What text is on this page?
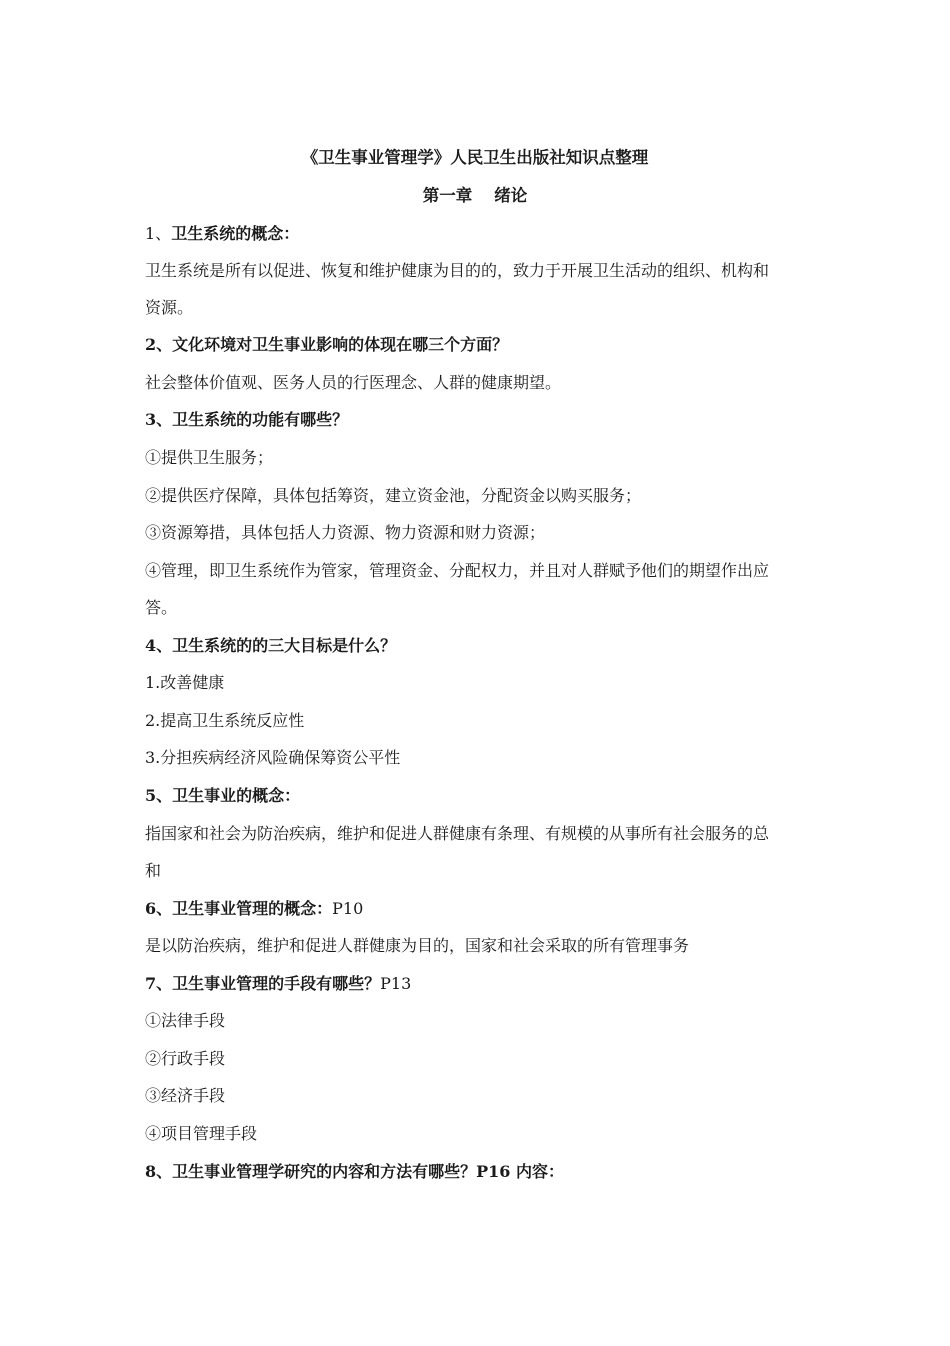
《卫生事业管理学》人民卫生出版社知识点整理
第一章 绪论
1、卫生系统的概念：
卫生系统是所有以促进、恢复和维护健康为目的的，致力于开展卫生活动的组织、机构和
资源。
2、文化环境对卫生事业影响的体现在哪三个方面？
社会整体价值观、医务人员的行医理念、人群的健康期望。
3、卫生系统的功能有哪些？
①提供卫生服务；
②提供医疗保障，具体包括筹资，建立资金池，分配资金以购买服务；
③资源筹措，具体包括人力资源、物力资源和财力资源；
④管理，即卫生系统作为管家，管理资金、分配权力，并且对人群赋予他们的期望作出应
答。
4、卫生系统的的三大目标是什么？
1.改善健康
2.提高卫生系统反应性
3.分担疾病经济风险确保筹资公平性
5、卫生事业的概念：
指国家和社会为防治疾病，维护和促进人群健康有条理、有规模的从事所有社会服务的总
和
6、卫生事业管理的概念：P10
是以防治疾病，维护和促进人群健康为目的，国家和社会采取的所有管理事务
7、卫生事业管理的手段有哪些？P13
①法律手段
②行政手段
③经济手段
④项目管理手段
8、卫生事业管理学研究的内容和方法有哪些？P16 内容：
